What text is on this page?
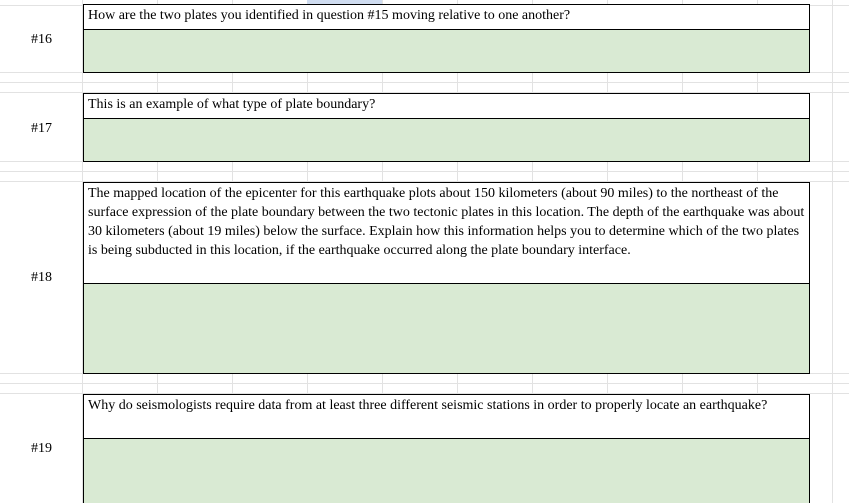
#16
How are the two plates you identified in question #15 moving relative to one another?
#17
This is an example of what type of plate boundary?
#18
The mapped location of the epicenter for this earthquake plots about 150 kilometers (about 90 miles) to the northeast of the surface expression of the plate boundary between the two tectonic plates in this location. The depth of the earthquake was about 30 kilometers (about 19 miles) below the surface. Explain how this information helps you to determine which of the two plates is being subducted in this location, if the earthquake occurred along the plate boundary interface.
#19
Why do seismologists require data from at least three different seismic stations in order to properly locate an earthquake?
